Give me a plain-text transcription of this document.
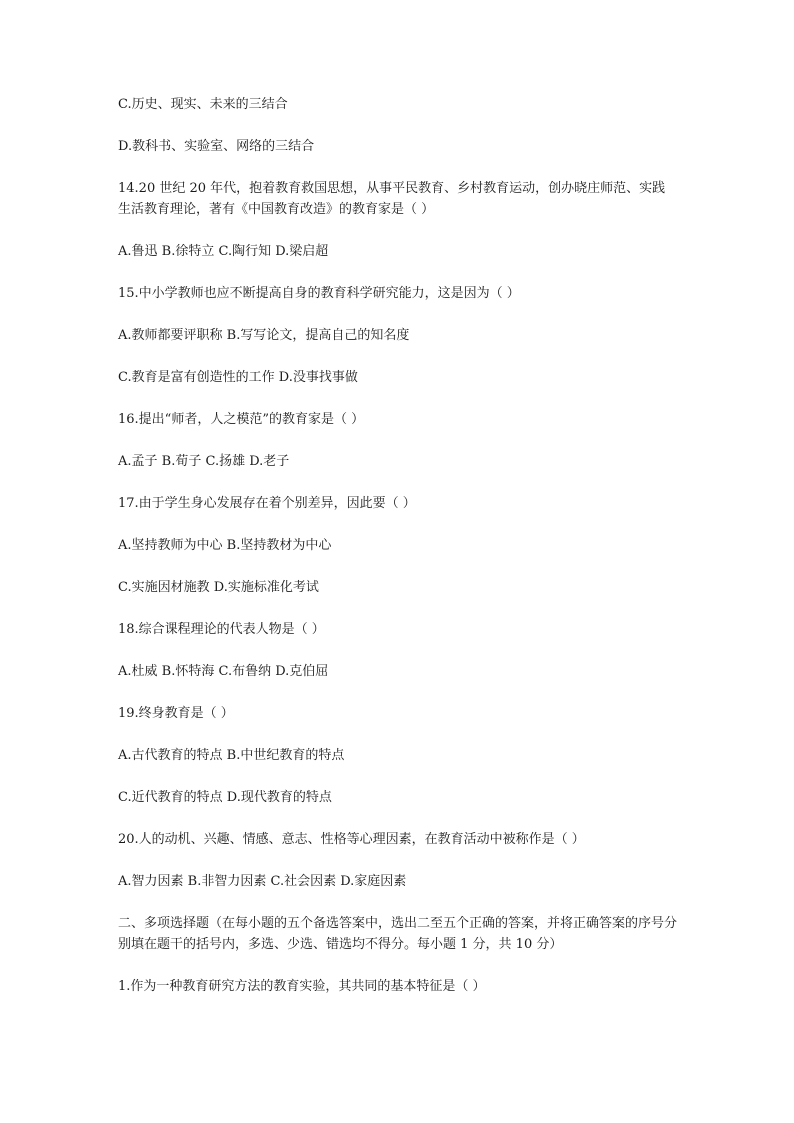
C.历史、现实、未来的三结合

D.教科书、实验室、网络的三结合

14.20 世纪 20 年代，抱着教育救国思想，从事平民教育、乡村教育运动，创办晓庄师范、实践生活教育理论，著有《中国教育改造》的教育家是（ ）

A.鲁迅 B.徐特立 C.陶行知 D.梁启超

15.中小学教师也应不断提高自身的教育科学研究能力，这是因为（ ）

A.教师都要评职称 B.写写论文，提高自己的知名度

C.教育是富有创造性的工作 D.没事找事做

16.提出“师者，人之模范”的教育家是（ ）

A.孟子 B.荀子 C.扬雄 D.老子

17.由于学生身心发展存在着个别差异，因此要（ ）

A.坚持教师为中心 B.坚持教材为中心

C.实施因材施教 D.实施标准化考试

18.综合课程理论的代表人物是（ ）

A.杜威 B.怀特海 C.布鲁纳 D.克伯屈

19.终身教育是（ ）

A.古代教育的特点 B.中世纪教育的特点

C.近代教育的特点 D.现代教育的特点

20.人的动机、兴趣、情感、意志、性格等心理因素，在教育活动中被称作是（ ）

A.智力因素 B.非智力因素 C.社会因素 D.家庭因素

二、多项选择题（在每小题的五个备选答案中，选出二至五个正确的答案，并将正确答案的序号分别填在题干的括号内，多选、少选、错选均不得分。每小题 1 分，共 10 分）

1.作为一种教育研究方法的教育实验，其共同的基本特征是（ ）
